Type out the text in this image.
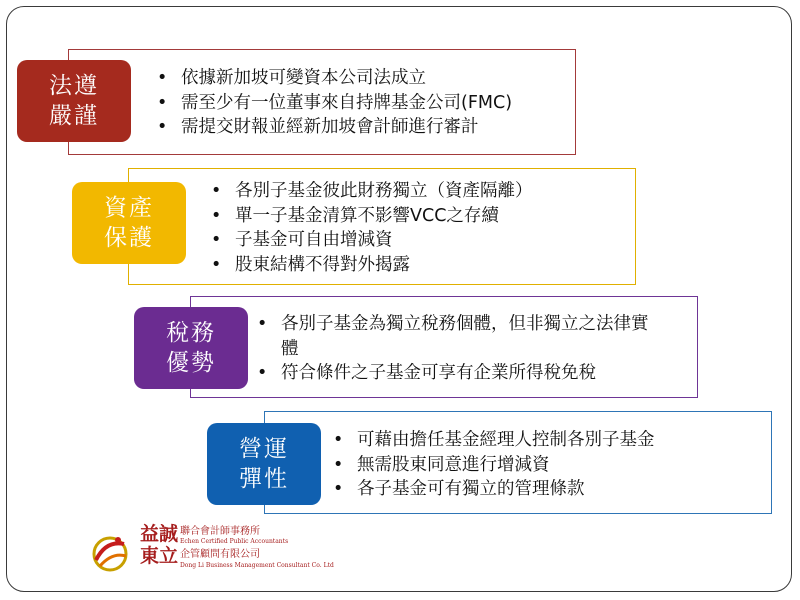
• 依據新加坡可變資本公司法成立
• 需至少有一位董事來自持牌基金公司(FMC)
• 需提交財報並經新加坡會計師進行審計
法遵
嚴謹
• 各別子基金彼此財務獨立（資產隔離）
• 單一子基金清算不影響VCC之存續
• 子基金可自由增減資
• 股東結構不得對外揭露
資產
保護
• 各別子基金為獨立稅務個體，但非獨立之法律實體
• 符合條件之子基金可享有企業所得稅免稅
稅務
優勢
• 可藉由擔任基金經理人控制各別子基金
• 無需股東同意進行增減資
• 各子基金可有獨立的管理條款
營運
彈性
益誠
東立
聯合會計師事務所
Echen Certified Public Accountants
企管顧問有限公司
Dong Li Business Management Consultant Co. Ltd
